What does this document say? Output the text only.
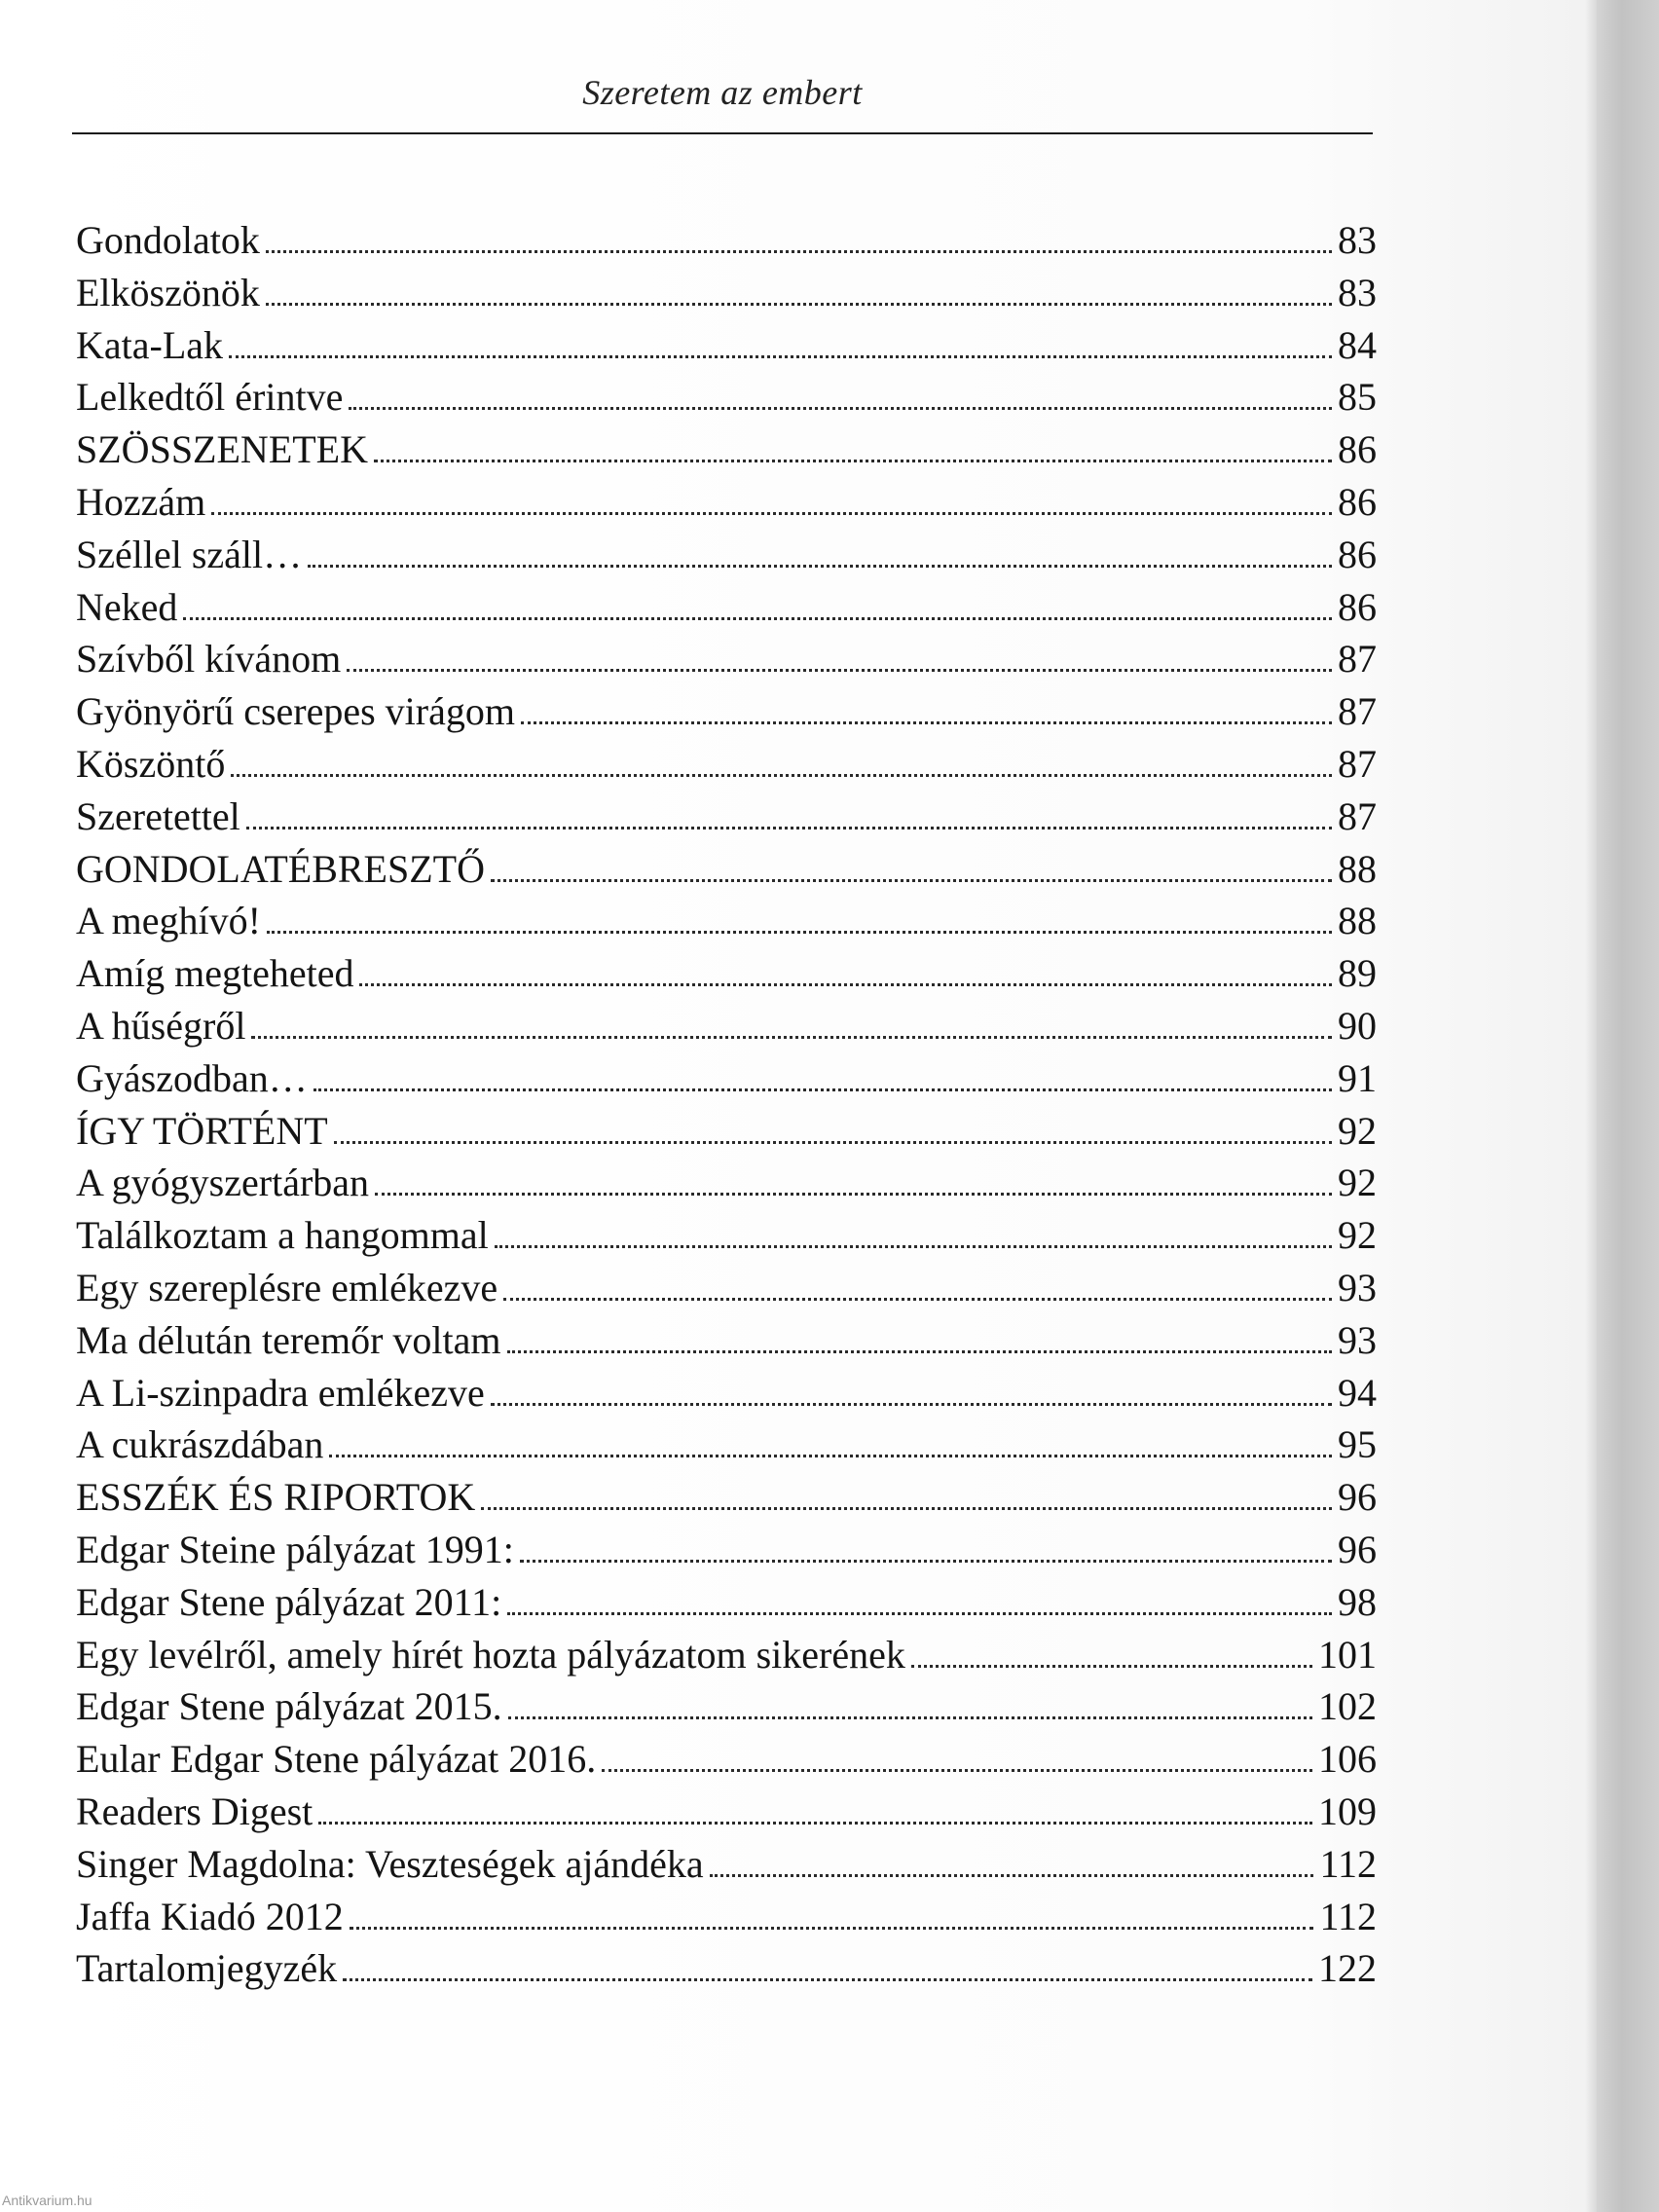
Szeretem az embert
Gondolatok	83
Elköszönök	83
Kata-Lak	84
Lelkedtől érintve	85
SZÖSSZENETEK	86
Hozzám	86
Széllel száll…	86
Neked	86
Szívből kívánom	87
Gyönyörű cserepes virágom	87
Köszöntő	87
Szeretettel	87
GONDOLATÉBRESZTŐ	88
A meghívó!	88
Amíg megteheted	89
A hűségről	90
Gyászodban…	91
ÍGY TÖRTÉNT	92
A gyógyszertárban	92
Találkoztam a hangommal	92
Egy szereplésre emlékezve	93
Ma délután teremőr voltam	93
A Li-szinpadra emlékezve	94
A cukrászdában	95
ESSZÉK ÉS RIPORTOK	96
Edgar Steine pályázat 1991:	96
Edgar Stene pályázat 2011:	98
Egy levélről, amely hírét hozta pályázatom sikerének	101
Edgar Stene pályázat 2015.	102
Eular Edgar Stene pályázat 2016.	106
Readers Digest	109
Singer Magdolna: Veszteségek ajándéka	112
Jaffa Kiadó 2012	112
Tartalomjegyzék	122
Antikvarium.hu
